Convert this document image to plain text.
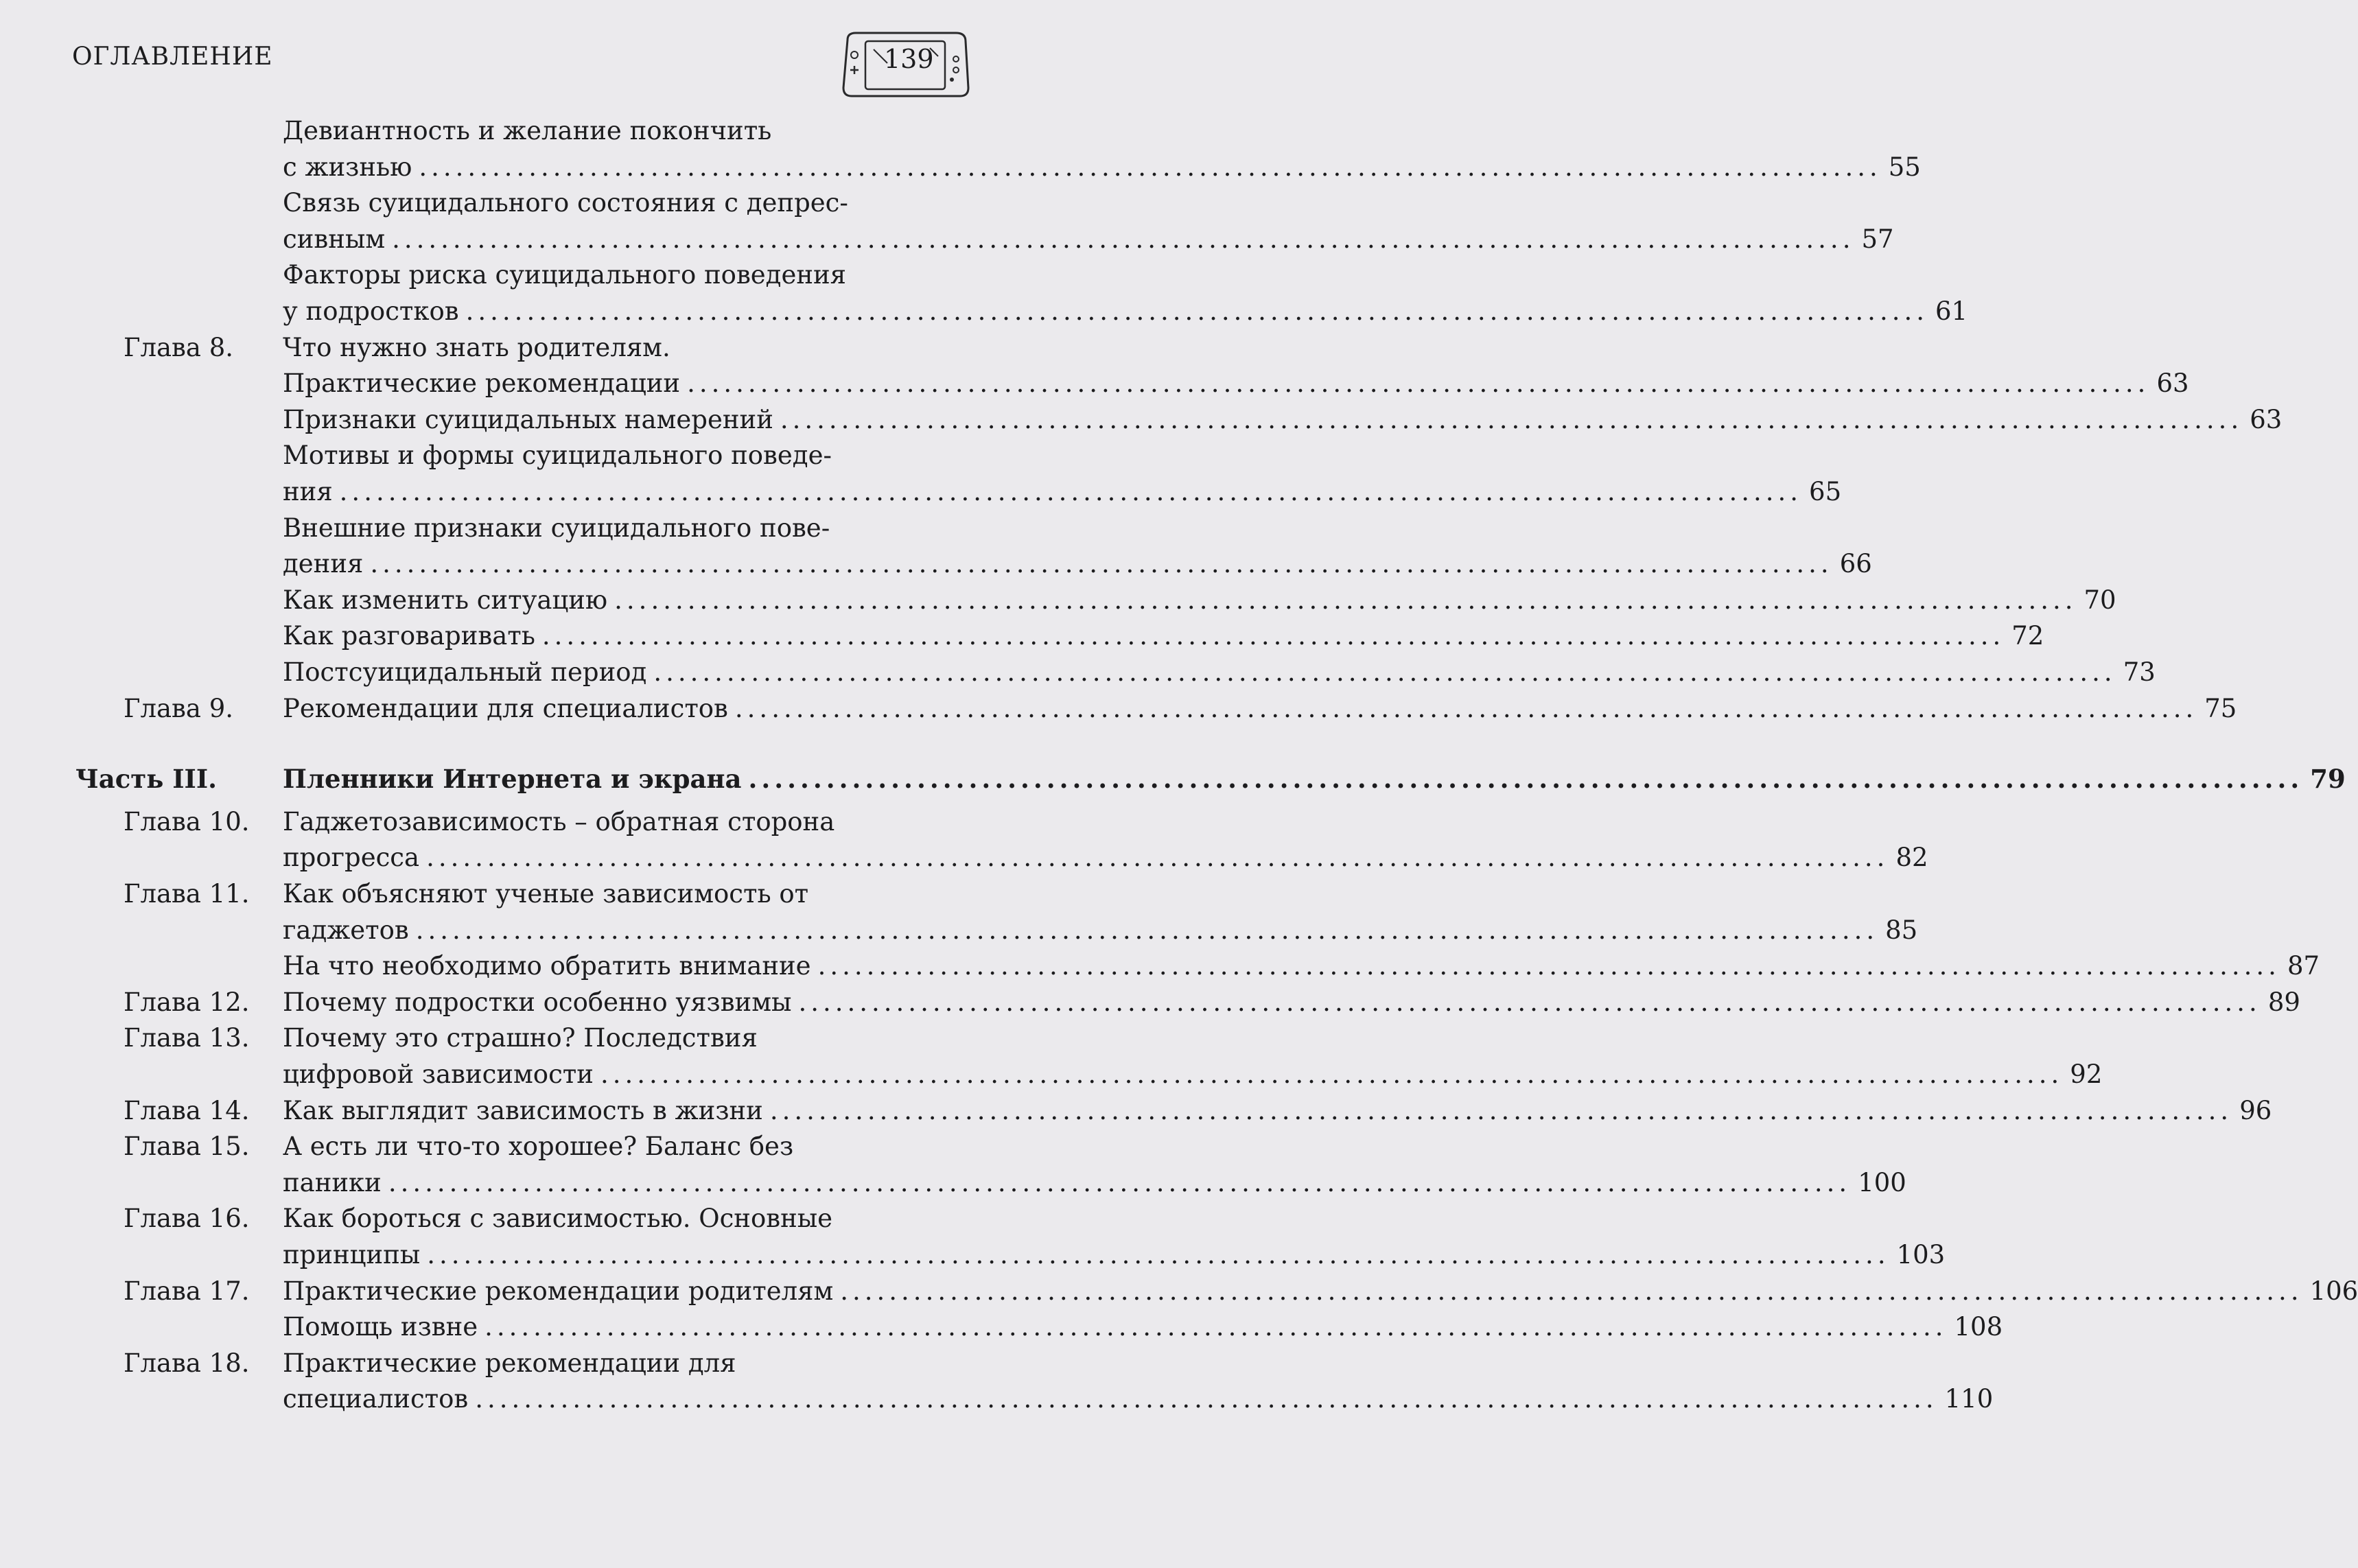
ОГЛАВЛЕНИЕ	139
Девиантность и желание покончить
с жизнью ........................................................................................................................ 55
Связь суицидального состояния с депрес-
сивным ........................................................................................................................ 57
Факторы риска суицидального поведения
у подростков ........................................................................................................................ 61
Глава 8. Что нужно знать родителям.
Практические рекомендации ........................................................................................................................ 63
Признаки суицидальных намерений ........................................................................................................................ 63
Мотивы и формы суицидального поведе-
ния ........................................................................................................................ 65
Внешние признаки суицидального пове-
дения ........................................................................................................................ 66
Как изменить ситуацию ........................................................................................................................ 70
Как разговаривать ........................................................................................................................ 72
Постсуицидальный период ........................................................................................................................ 73
Глава 9. Рекомендации для специалистов ........................................................................................................................ 75
Часть III.	Пленники Интернета и экрана ........................................................................................................................ 79
Глава 10. Гаджетозависимость – обратная сторона
прогресса ........................................................................................................................ 82
Глава 11. Как объясняют ученые зависимость от
гаджетов ........................................................................................................................ 85
На что необходимо обратить внимание ........................................................................................................................ 87
Глава 12. Почему подростки особенно уязвимы ........................................................................................................................ 89
Глава 13. Почему это страшно? Последствия
цифровой зависимости ........................................................................................................................ 92
Глава 14. Как выглядит зависимость в жизни ........................................................................................................................ 96
Глава 15. А есть ли что-то хорошее? Баланс без
паники ........................................................................................................................ 100
Глава 16. Как бороться с зависимостью. Основные
принципы ........................................................................................................................ 103
Глава 17. Практические рекомендации родителям ........................................................................................................................ 106
Помощь извне ........................................................................................................................ 108
Глава 18. Практические рекомендации для
специалистов ........................................................................................................................ 110
